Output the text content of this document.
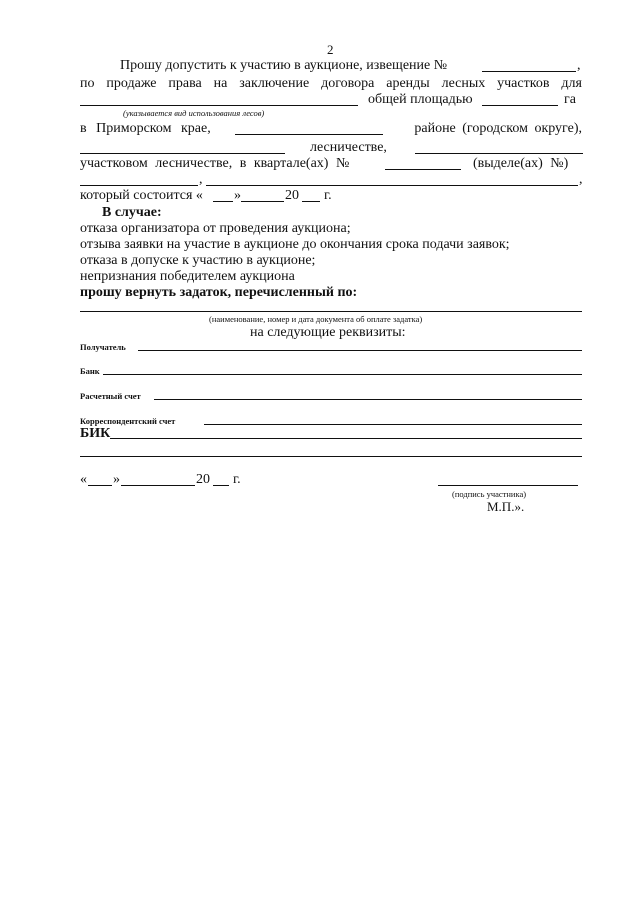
2
Прошу допустить к участию в аукционе, извещение №	,
по продаже права на заключение договора аренды лесных участков для
общей площадью	га
(указывается вид использования лесов)
в Приморском крае,	районе (городском округе),
лесничестве,
участковом лесничестве, в квартале(ах) №	(выделе(ах) №)
,	,
который состоится « »	20 г.
В случае:
отказа организатора от проведения аукциона;
отзыва заявки на участие в аукционе до окончания срока подачи заявок;
отказа в допуске к участию в аукционе;
непризнания победителем аукциона
прошу вернуть задаток, перечисленный по:
(наименование, номер и дата документа об оплате задатка)
на следующие реквизиты:
Получатель
Банк
Расчетный счет
Корреспондентский счет
БИК
« »	20 г.
(подпись участника)
М.П.».
